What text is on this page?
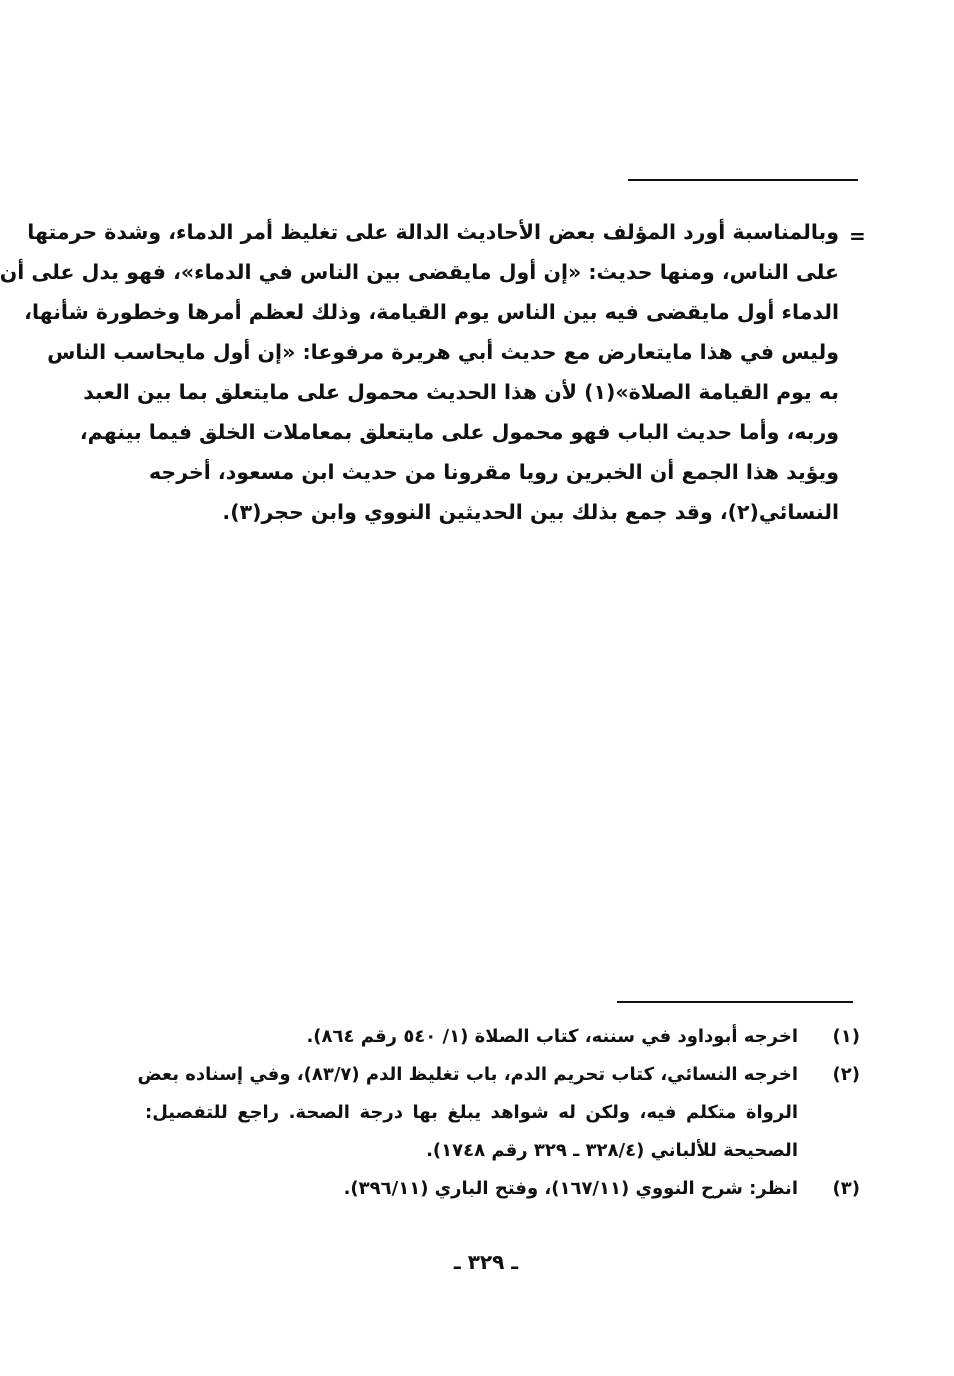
=
وبالمناسبة أورد المؤلف بعض الأحاديث الدالة على تغليظ أمر الدماء، وشدة حرمتها
على الناس، ومنها حديث: «إن أول مايقضى بين الناس في الدماء»، فهو يدل على أن
الدماء أول مايقضى فيه بين الناس يوم القيامة، وذلك لعظم أمرها وخطورة شأنها،
وليس في هذا مايتعارض مع حديث أبي هريرة مرفوعا: «إن أول مايحاسب الناس
به يوم القيامة الصلاة»(١) لأن هذا الحديث محمول على مايتعلق بما بين العبد
وربه، وأما حديث الباب فهو محمول على مايتعلق بمعاملات الخلق فيما بينهم،
ويؤيد هذا الجمع أن الخبرين رويا مقرونا من حديث ابن مسعود، أخرجه
النسائي(٢)، وقد جمع بذلك بين الحديثين النووي وابن حجر(٣).
(١)
اخرجه أبوداود في سننه، كتاب الصلاة (١/ ٥٤٠ رقم ٨٦٤).
(٢)
اخرجه النسائي، كتاب تحريم الدم، باب تغليظ الدم (٨٣/٧)، وفي إسناده بعض
الرواة متكلم فيه، ولكن له شواهد يبلغ بها درجة الصحة. راجع للتفصيل:
الصحيحة للألباني (٣٢٨/٤ ـ ٣٢٩ رقم ١٧٤٨).
(٣)
انظر: شرح النووي (١٦٧/١١)، وفتح الباري (٣٩٦/١١).
ـ ٣٢٩ ـ
